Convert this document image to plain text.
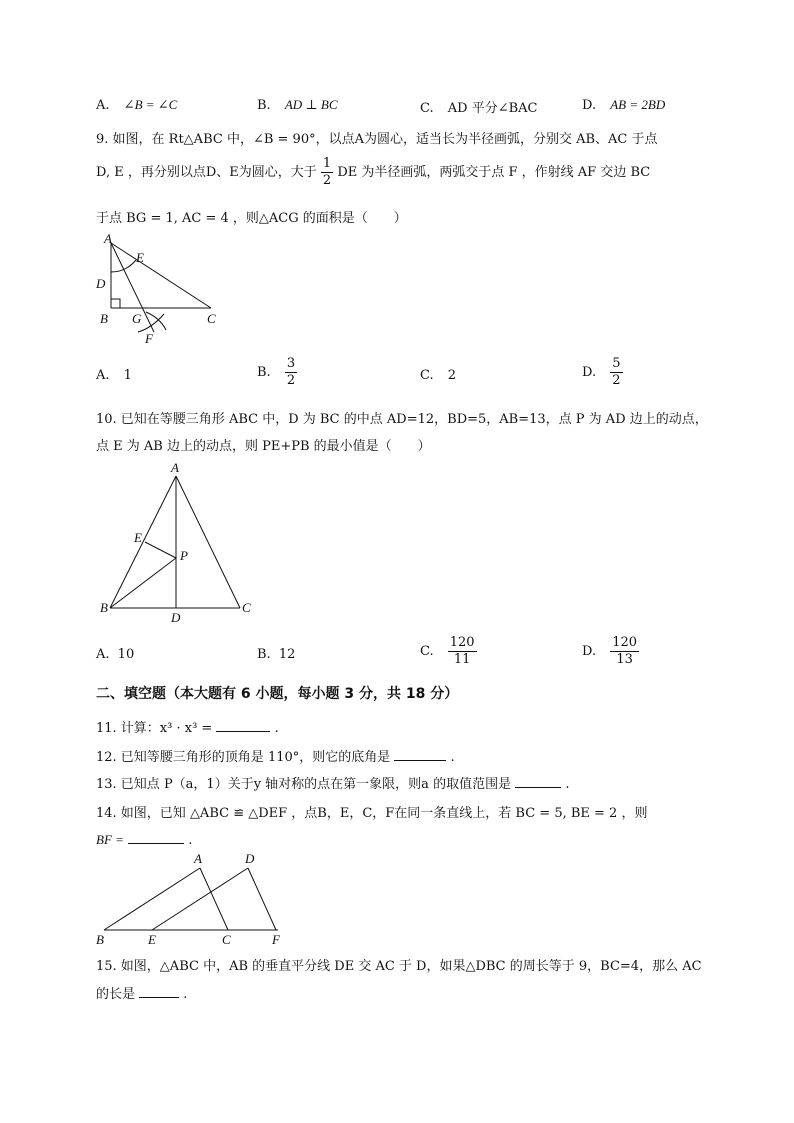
A. ∠B = ∠C	B. AD ⊥ BC	C. AD 平分∠BAC	D. AB = 2BD
9. 如图，在 Rt△ABC 中，∠B = 90°，以点A为圆心，适当长为半径画弧，分别交 AB、AC 于点
D, E ，再分别以点D、E为圆心，大于 $\frac{1}{2}$ DE 为半径画弧，两弧交于点 F ，作射线 AF 交边 BC
于点 BG = 1, AC = 4 ，则△ACG 的面积是（　　）
A
E
D
B G	C
F
A. 1	B. $\frac{3}{2}$	C. 2	D. $\frac{5}{2}$
10. 已知在等腰三角形 ABC 中，D 为 BC 的中点 AD=12，BD=5，AB=13，点 P 为 AD 边上的动点，
点 E 为 AB 边上的动点，则 PE+PB 的最小值是（　　）
A
E
P
B
D
C
A. 10	B. 12	C. $\frac{120}{11}$	D. $\frac{120}{13}$
二、填空题（本大题有 6 小题，每小题 3 分，共 18 分）
11. 计算：x³ · x³ =	.
12. 已知等腰三角形的顶角是 110°，则它的底角是	.
13. 已知点 P（a，1）关于y 轴对称的点在第一象限，则a 的取值范围是	.
14. 如图，已知 △ABC ≌ △DEF ，点B，E，C，F在同一条直线上，若 BC = 5, BE = 2 ，则
BF =	.
A	D
B	E	C	F
15. 如图，△ABC 中，AB 的垂直平分线 DE 交 AC 于 D，如果△DBC 的周长等于 9，BC=4，那么 AC
的长是	.
